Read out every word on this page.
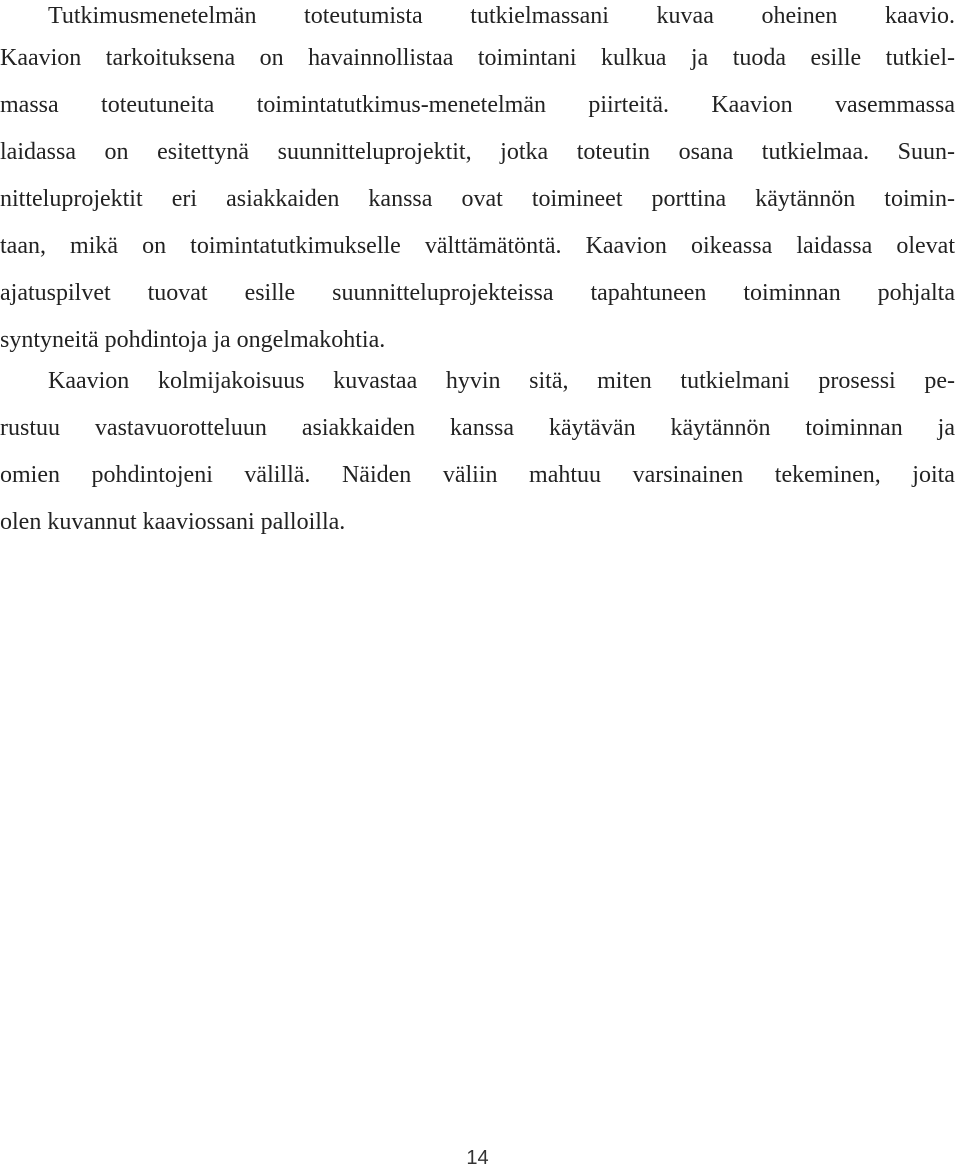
Tutkimusmenetelmän toteutumista tutkielmassani kuvaa oheinen kaavio.
Kaavion tarkoituksena on havainnollistaa toimintani kulkua ja tuoda esille tutkiel-
massa toteutuneita toimintatutkimus-menetelmän piirteitä. Kaavion vasemmassa
laidassa on esitettynä suunnitteluprojektit, jotka toteutin osana tutkielmaa. Suun-
nitteluprojektit eri asiakkaiden kanssa ovat toimineet porttina käytännön toimin-
taan, mikä on toimintatutkimukselle välttämätöntä. Kaavion oikeassa laidassa olevat
ajatuspilvet tuovat esille suunnitteluprojekteissa tapahtuneen toiminnan pohjalta
syntyneitä pohdintoja ja ongelmakohtia.
Kaavion kolmijakoisuus kuvastaa hyvin sitä, miten tutkielmani prosessi pe-
rustuu vastavuorotteluun asiakkaiden kanssa käytävän käytännön toiminnan ja
omien pohdintojeni välillä. Näiden väliin mahtuu varsinainen tekeminen, joita
olen kuvannut kaaviossani palloilla.
14
